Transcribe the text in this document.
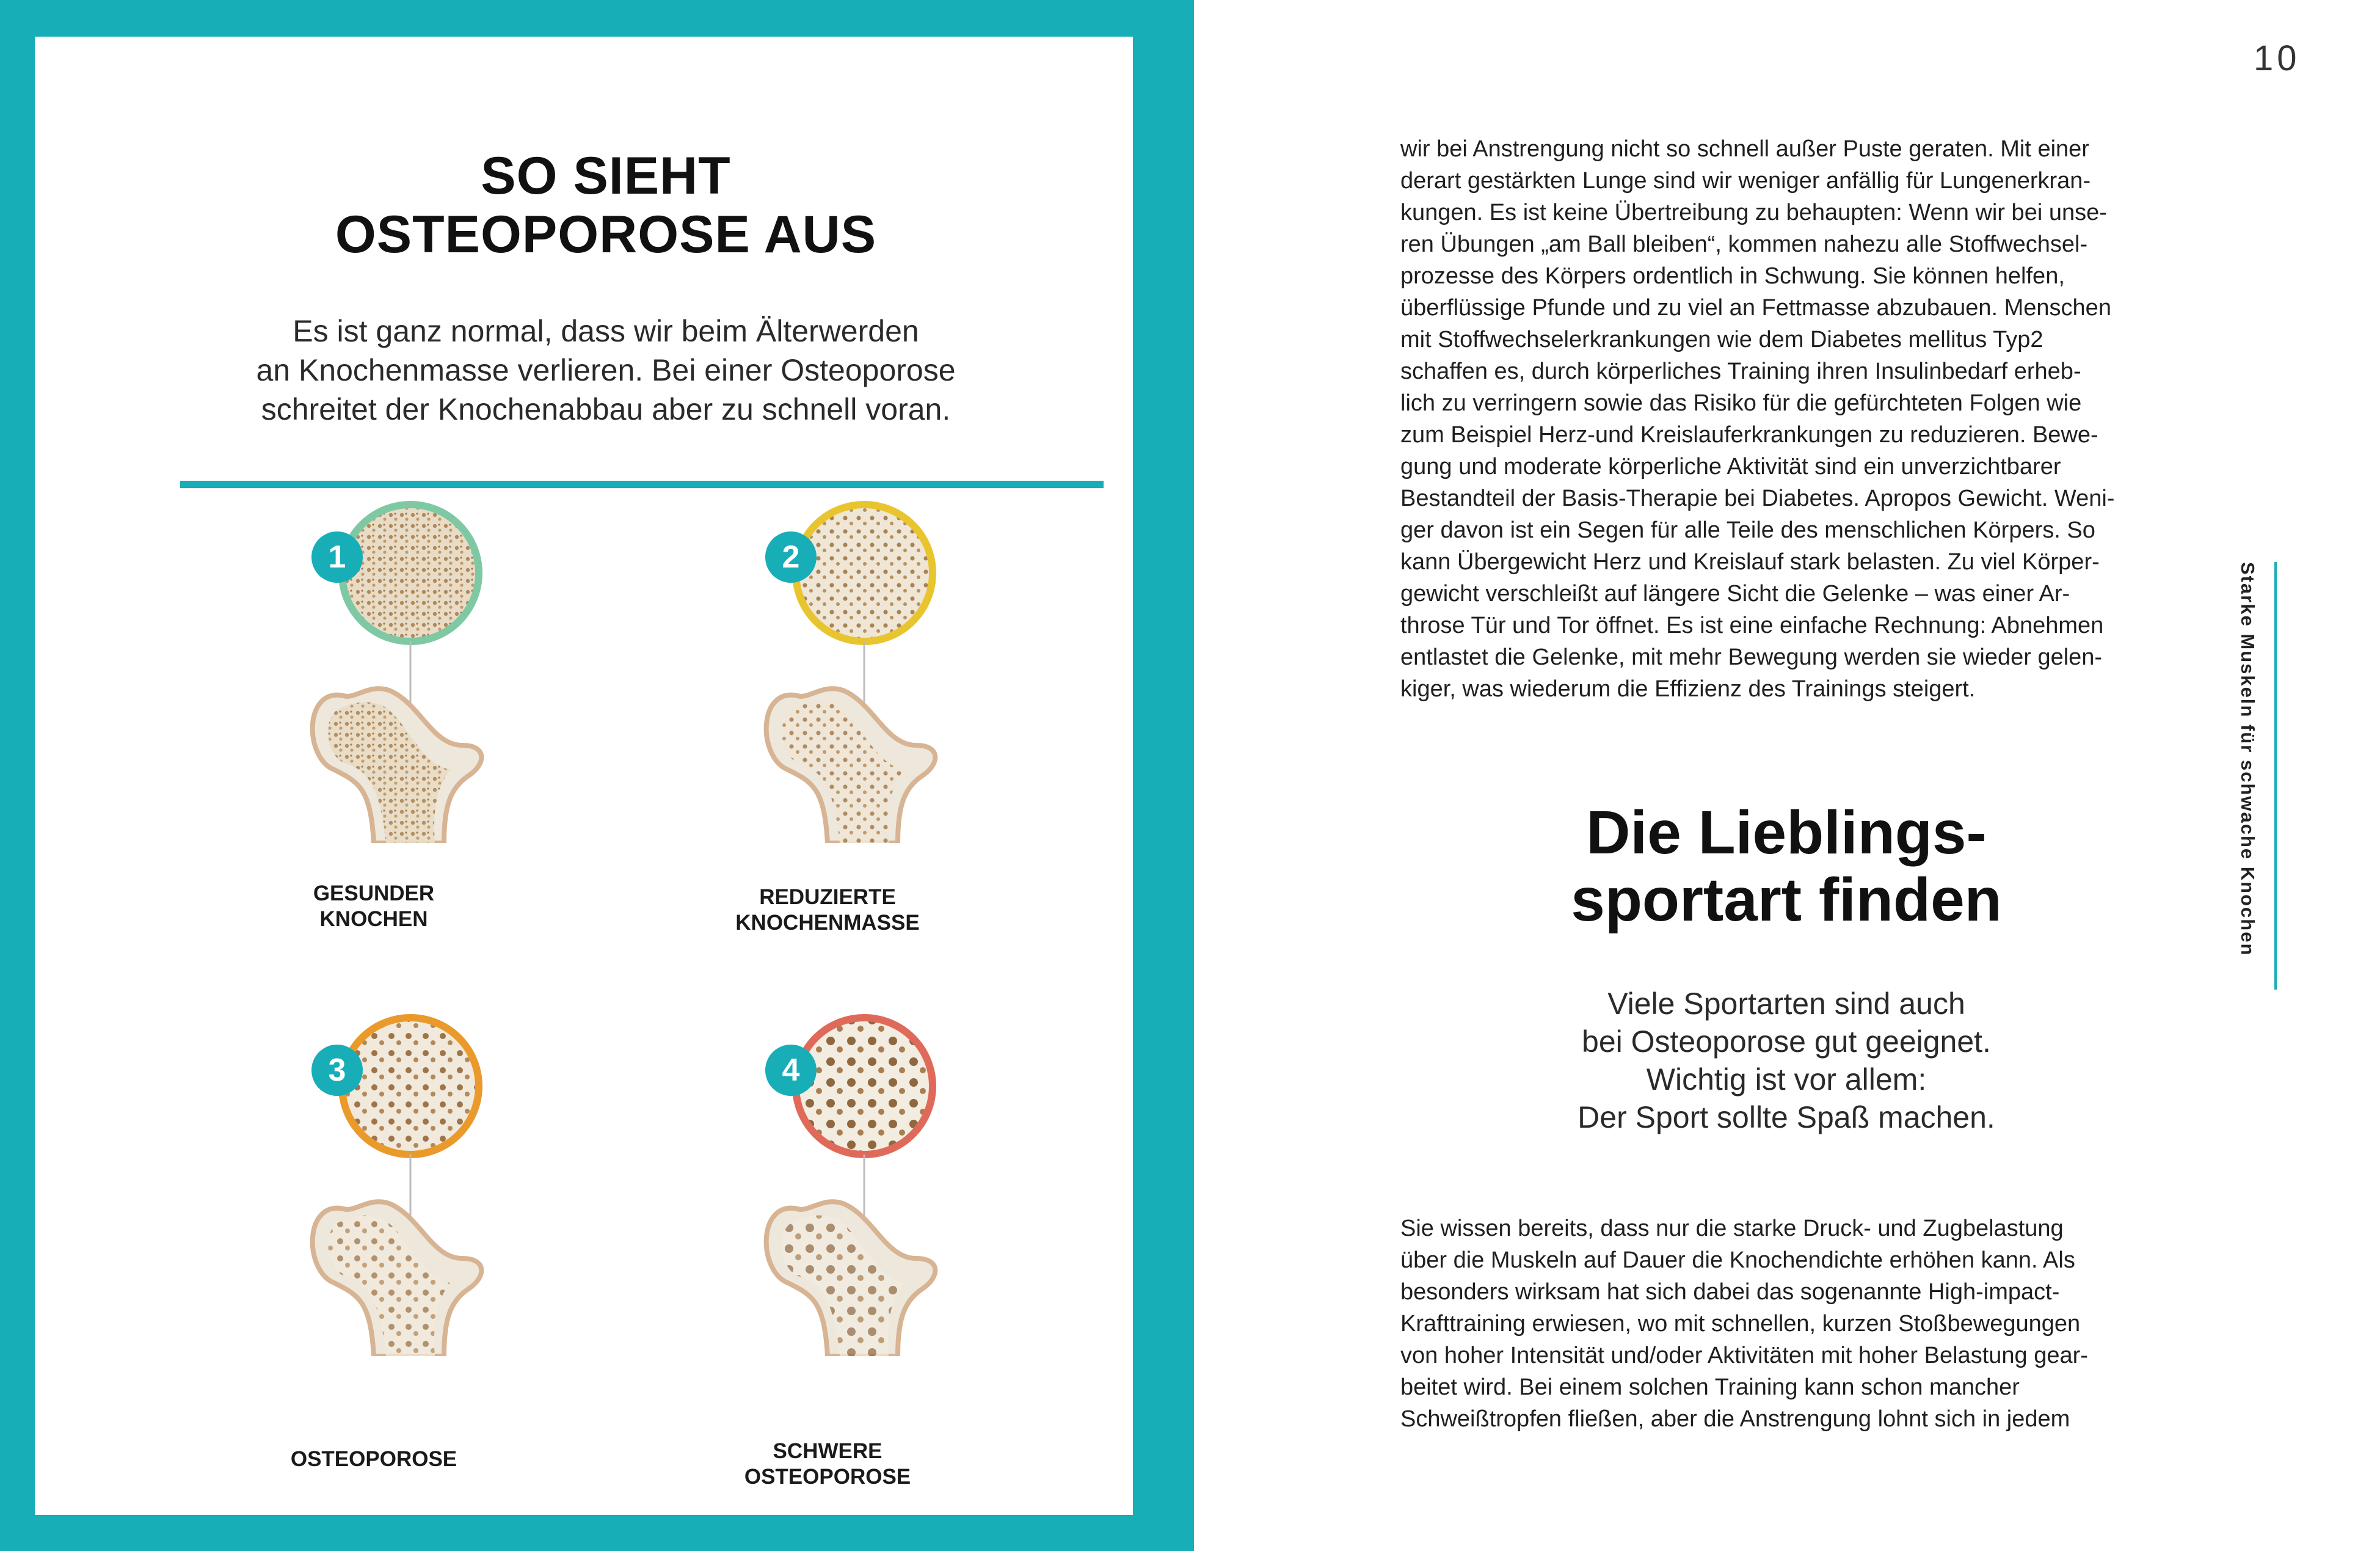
SO SIEHT
OSTEOPOROSE AUS
Es ist ganz normal, dass wir beim Älterwerden
an Knochenmasse verlieren. Bei einer Osteoporose
schreitet der Knochenabbau aber zu schnell voran.
1
GESUNDER
KNOCHEN
2
REDUZIERTE
KNOCHENMASSE
3
OSTEOPOROSE
4
SCHWERE
OSTEOPOROSE
10
wir bei Anstrengung nicht so schnell außer Puste geraten. Mit einer
derart gestärkten Lunge sind wir weniger anfällig für Lungenerkran-
kungen. Es ist keine Übertreibung zu behaupten: Wenn wir bei unse-
ren Übungen „am Ball bleiben“, kommen nahezu alle Stoffwechsel-
prozesse des Körpers ordentlich in Schwung. Sie können helfen,
überflüssige Pfunde und zu viel an Fettmasse abzubauen. Menschen
mit Stoffwechselerkrankungen wie dem Diabetes mellitus Typ2
schaffen es, durch körperliches Training ihren Insulinbedarf erheb-
lich zu verringern sowie das Risiko für die gefürchteten Folgen wie
zum Beispiel Herz-und Kreislauferkrankungen zu reduzieren. Bewe-
gung und moderate körperliche Aktivität sind ein unverzichtbarer
Bestandteil der Basis-Therapie bei Diabetes. Apropos Gewicht. Weni-
ger davon ist ein Segen für alle Teile des menschlichen Körpers. So
kann Übergewicht Herz und Kreislauf stark belasten. Zu viel Körper-
gewicht verschleißt auf längere Sicht die Gelenke – was einer Ar-
throse Tür und Tor öffnet. Es ist eine einfache Rechnung: Abnehmen
entlastet die Gelenke, mit mehr Bewegung werden sie wieder gelen-
kiger, was wiederum die Effizienz des Trainings steigert.
Die Lieblings-
sportart finden
Viele Sportarten sind auch
bei Osteoporose gut geeignet.
Wichtig ist vor allem:
Der Sport sollte Spaß machen.
Sie wissen bereits, dass nur die starke Druck- und Zugbelastung
über die Muskeln auf Dauer die Knochendichte erhöhen kann. Als
besonders wirksam hat sich dabei das sogenannte High-impact-
Krafttraining erwiesen, wo mit schnellen, kurzen Stoßbewegungen
von hoher Intensität und/oder Aktivitäten mit hoher Belastung gear-
beitet wird. Bei einem solchen Training kann schon mancher
Schweißtropfen fließen, aber die Anstrengung lohnt sich in jedem
Starke Muskeln für schwache Knochen
